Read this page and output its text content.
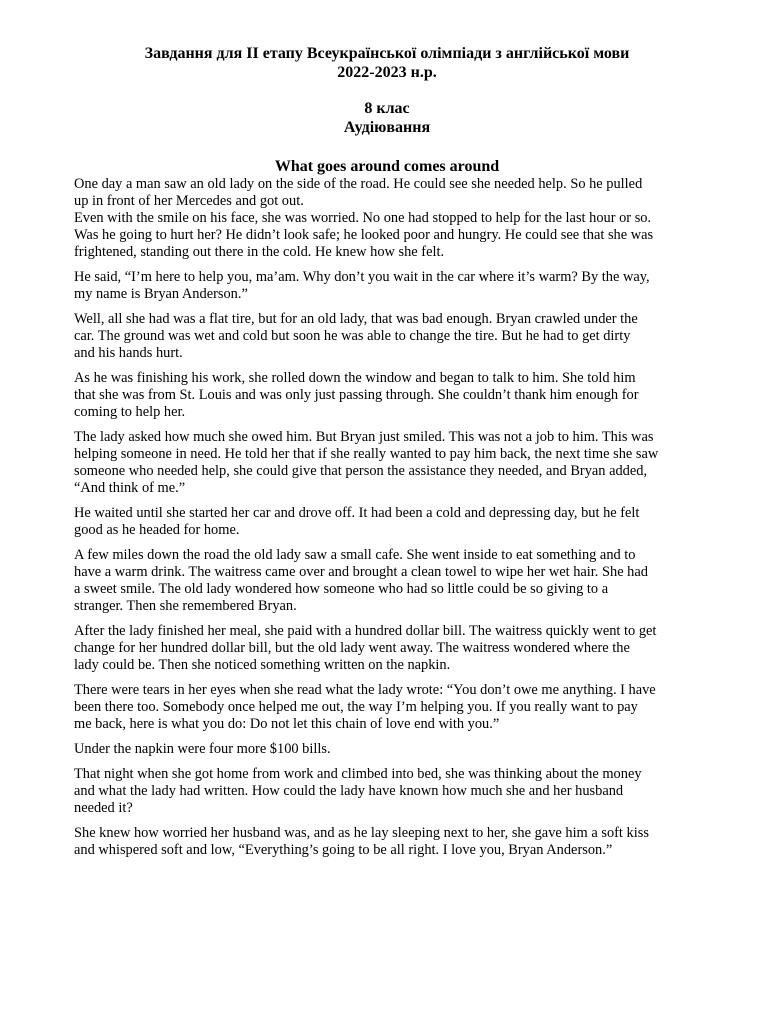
Завдання для ІІ етапу Всеукраїнської олімпіади з англійської мови

2022-2023 н.р.

8 клас

Аудіювання

What goes around comes around

One day a man saw an old lady on the side of the road. He could see she needed help. So he pulled
up in front of her Mercedes and got out.

Even with the smile on his face, she was worried. No one had stopped to help for the last hour or so.
Was he going to hurt her? He didn’t look safe; he looked poor and hungry. He could see that she was
frightened, standing out there in the cold. He knew how she felt.

He said, “I’m here to help you, ma’am. Why don’t you wait in the car where it’s warm? By the way,
my name is Bryan Anderson.”

Well, all she had was a flat tire, but for an old lady, that was bad enough. Bryan crawled under the
car. The ground was wet and cold but soon he was able to change the tire. But he had to get dirty
and his hands hurt.

As he was finishing his work, she rolled down the window and began to talk to him. She told him
that she was from St. Louis and was only just passing through. She couldn’t thank him enough for
coming to help her.

The lady asked how much she owed him. But Bryan just smiled. This was not a job to him. This was
helping someone in need. He told her that if she really wanted to pay him back, the next time she saw
someone who needed help, she could give that person the assistance they needed, and Bryan added,
“And think of me.”

He waited until she started her car and drove off. It had been a cold and depressing day, but he felt
good as he headed for home.

A few miles down the road the old lady saw a small cafe. She went inside to eat something and to
have a warm drink. The waitress came over and brought a clean towel to wipe her wet hair. She had
a sweet smile. The old lady wondered how someone who had so little could be so giving to a
stranger. Then she remembered Bryan.

After the lady finished her meal, she paid with a hundred dollar bill. The waitress quickly went to get
change for her hundred dollar bill, but the old lady went away. The waitress wondered where the
lady could be. Then she noticed something written on the napkin.

There were tears in her eyes when she read what the lady wrote: “You don’t owe me anything. I have
been there too. Somebody once helped me out, the way I’m helping you. If you really want to pay
me back, here is what you do: Do not let this chain of love end with you.”

Under the napkin were four more $100 bills.

That night when she got home from work and climbed into bed, she was thinking about the money
and what the lady had written. How could the lady have known how much she and her husband
needed it?

She knew how worried her husband was, and as he lay sleeping next to her, she gave him a soft kiss
and whispered soft and low, “Everything’s going to be all right. I love you, Bryan Anderson.”
